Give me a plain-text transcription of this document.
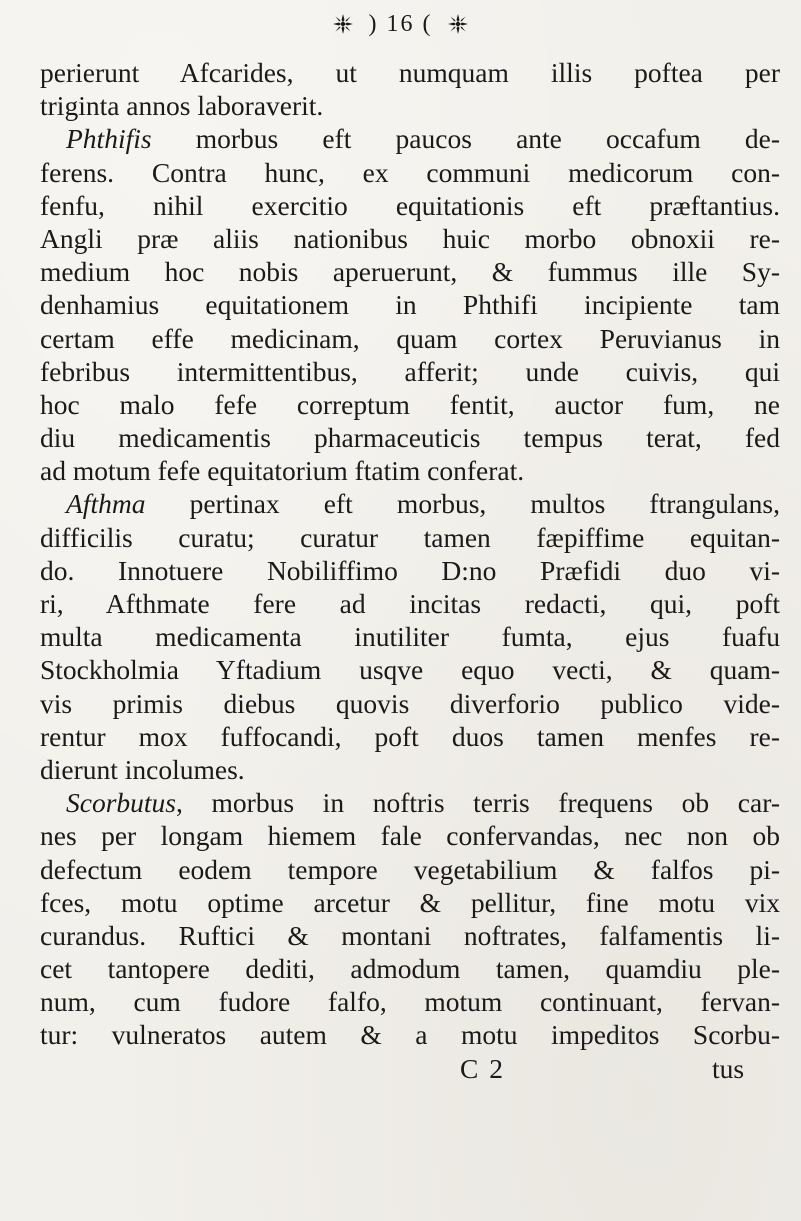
) 16 (
perierunt Afcarides, ut numquam illis poftea per
triginta annos laboraverit.
Phthifis morbus eft paucos ante occafum de-
ferens. Contra hunc, ex communi medicorum con-
fenfu, nihil exercitio equitationis eft præftantius.
Angli præ aliis nationibus huic morbo obnoxii re-
medium hoc nobis aperuerunt, & fummus ille Sy-
denhamius equitationem in Phthifi incipiente tam
certam effe medicinam, quam cortex Peruvianus in
febribus intermittentibus, afferit; unde cuivis, qui
hoc malo fefe correptum fentit, auctor fum, ne
diu medicamentis pharmaceuticis tempus terat, fed
ad motum fefe equitatorium ftatim conferat.
Afthma pertinax eft morbus, multos ftrangulans,
difficilis curatu; curatur tamen fæpiffime equitan-
do. Innotuere Nobiliffimo D:no Præfidi duo vi-
ri, Afthmate fere ad incitas redacti, qui, poft
multa medicamenta inutiliter fumta, ejus fuafu
Stockholmia Yftadium usqve equo vecti, & quam-
vis primis diebus quovis diverforio publico vide-
rentur mox fuffocandi, poft duos tamen menfes re-
dierunt incolumes.
Scorbutus, morbus in noftris terris frequens ob car-
nes per longam hiemem fale confervandas, nec non ob
defectum eodem tempore vegetabilium & falfos pi-
fces, motu optime arcetur & pellitur, fine motu vix
curandus. Ruftici & montani noftrates, falfamentis li-
cet tantopere dediti, admodum tamen, quamdiu ple-
num, cum fudore falfo, motum continuant, fervan-
tur: vulneratos autem & a motu impeditos Scorbu-
C 2	tus
